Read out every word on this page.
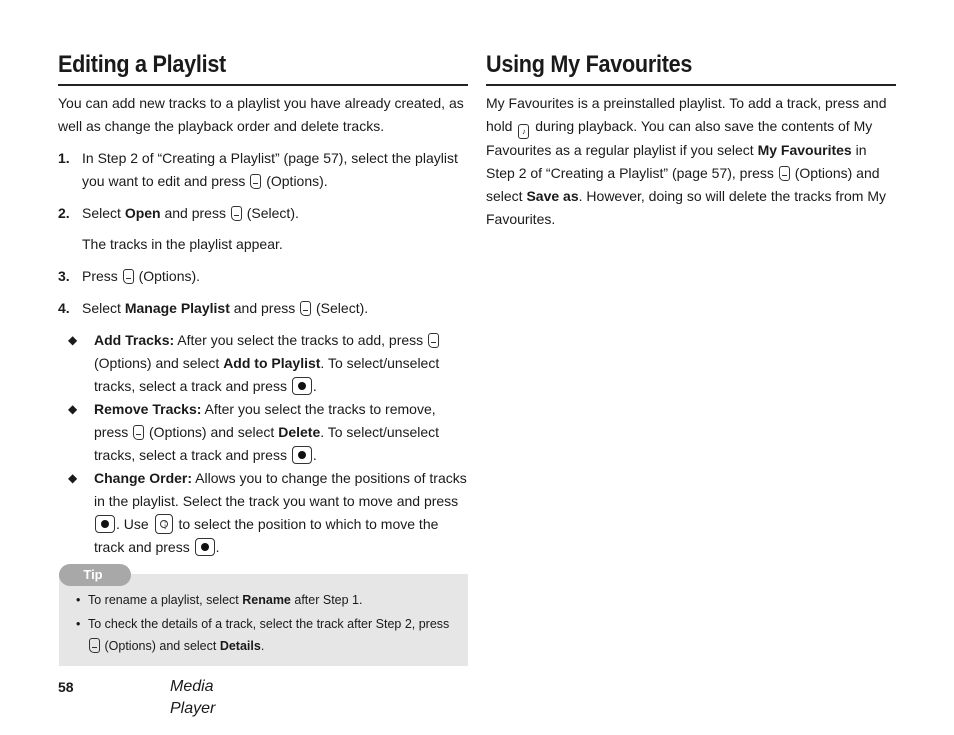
Editing a Playlist

You can add new tracks to a playlist you have already created, as well as change the playback order and delete tracks.

1. In Step 2 of “Creating a Playlist” (page 57), select the playlist you want to edit and press (Options).
2. Select Open and press (Select).
The tracks in the playlist appear.
3. Press (Options).
4. Select Manage Playlist and press (Select).
◆ Add Tracks: After you select the tracks to add, press  (Options) and select Add to Playlist. To select/unselect tracks, select a track and press .
◆ Remove Tracks: After you select the tracks to remove, press (Options) and select Delete. To select/unselect tracks, select a track and press .
◆ Change Order: Allows you to change the positions of tracks in the playlist. Select the track you want to move and press . Use ⋮ to select the position to which to move the track and press .
Tip
• To rename a playlist, select Rename after Step 1.
• To check the details of a track, select the track after Step 2, press  (Options) and select Details.
Using My Favourites

My Favourites is a preinstalled playlist. To add a track, press and hold ♪ during playback. You can also save the contents of My Favourites as a regular playlist if you select My Favourites in Step 2 of “Creating a Playlist” (page 57), press (Options) and select Save as. However, doing so will delete the tracks from My Favourites.

58	Media Player
